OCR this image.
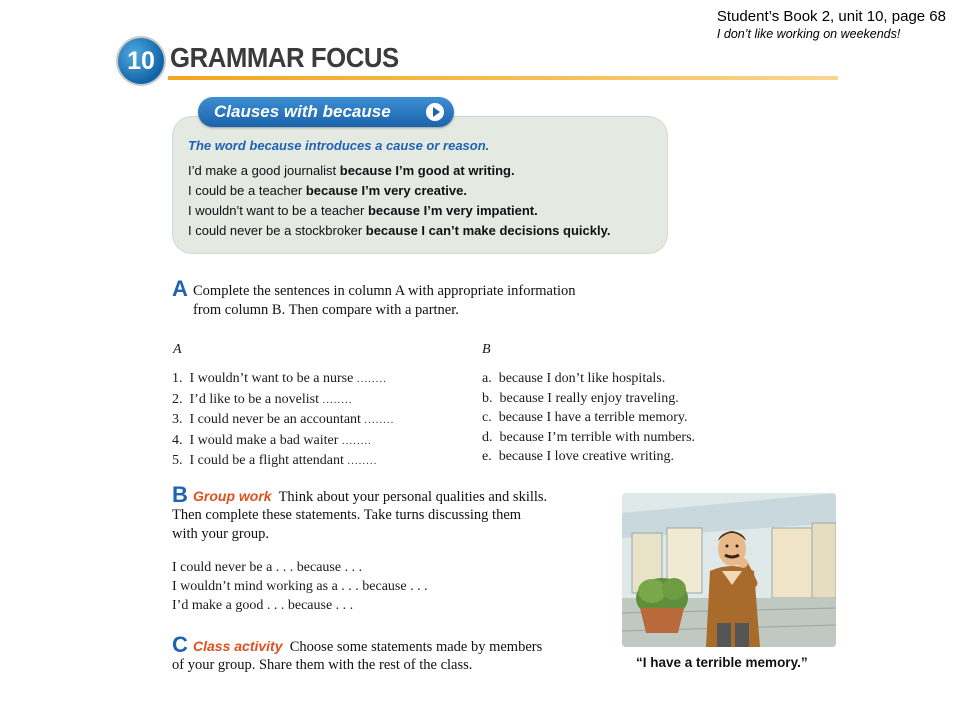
Student’s Book 2, unit 10, page 68
I don’t like working on weekends!
10 GRAMMAR FOCUS
Clauses with because
The word because introduces a cause or reason.
I’d make a good journalist because I’m good at writing.
I could be a teacher because I’m very creative.
I wouldn’t want to be a teacher because I’m very impatient.
I could never be a stockbroker because I can’t make decisions quickly.
A Complete the sentences in column A with appropriate information
from column B. Then compare with a partner.
A	B
1. I wouldn’t want to be a nurse ........
2. I’d like to be a novelist ........
3. I could never be an accountant ........
4. I would make a bad waiter ........
5. I could be a flight attendant ........
a. because I don’t like hospitals.
b. because I really enjoy traveling.
c. because I have a terrible memory.
d. because I’m terrible with numbers.
e. because I love creative writing.
B Group work Think about your personal qualities and skills.
Then complete these statements. Take turns discussing them
with your group.
I could never be a . . . because . . .
I wouldn’t mind working as a . . . because . . .
I’d make a good . . . because . . .
C Class activity Choose some statements made by members
of your group. Share them with the rest of the class.	“I have a terrible memory.”
